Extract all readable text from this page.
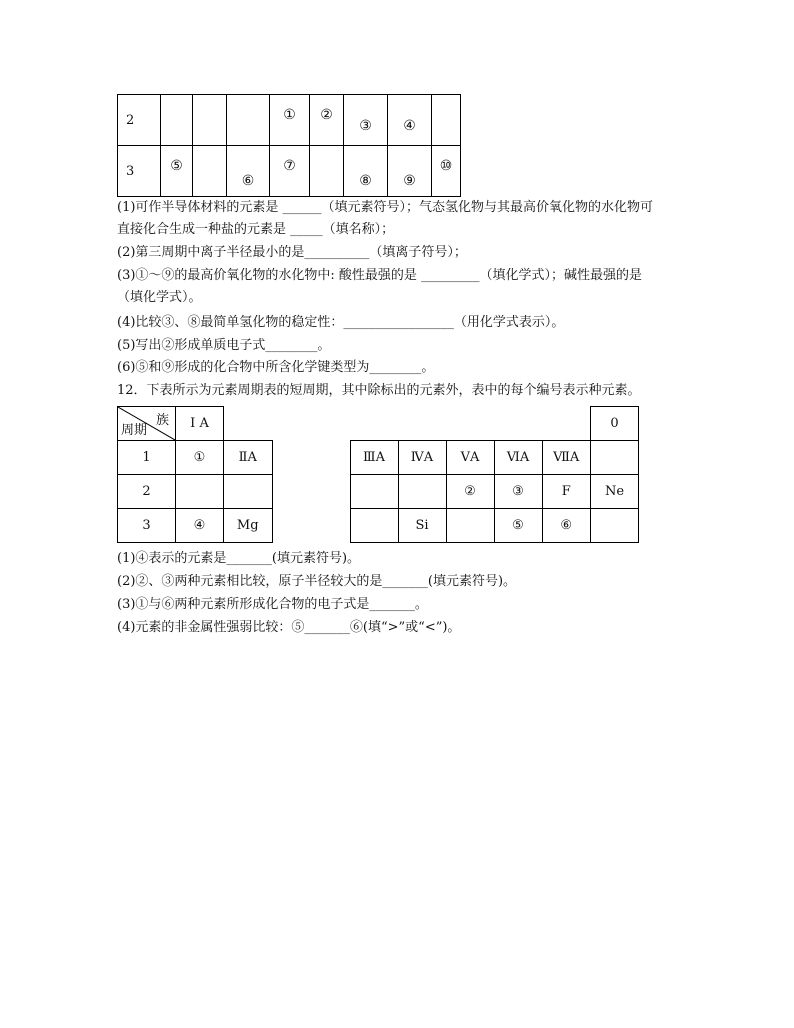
2				①	②	③	④	
3	⑤		⑥	⑦		⑧	⑨	⑩
(1)可作半导体材料的元素是 ______（填元素符号）；气态氢化物与其最高价氧化物的水化物可
直接化合生成一种盐的元素是 _____（填名称）；
(2)第三周期中离子半径最小的是__________（填离子符号）；
(3)①～⑨的最高价氧化物的水化物中: 酸性最强的是 _________（填化学式）；碱性最强的是
（填化学式）。
(4)比较③、⑧最简单氢化物的稳定性：_________________（用化学式表示）。
(5)写出②形成单质电子式________。
(6)⑤和⑨形成的化合物中所含化学键类型为________。
12．下表所示为元素周期表的短周期，其中除标出的元素外，表中的每个编号表示种元素。
族
周期	I A								0
1	①	ⅡA		ⅢA	ⅣA	ⅤA	ⅥA	ⅦA	
2						②	③	F	Ne
3	④	Mg			Si		⑤	⑥	
(1)④表示的元素是_______(填元素符号)。
(2)②、③两种元素相比较，原子半径较大的是_______(填元素符号)。
(3)①与⑥两种元素所形成化合物的电子式是_______。
(4)元素的非金属性强弱比较：⑤_______⑥(填“>”或“<”)。
